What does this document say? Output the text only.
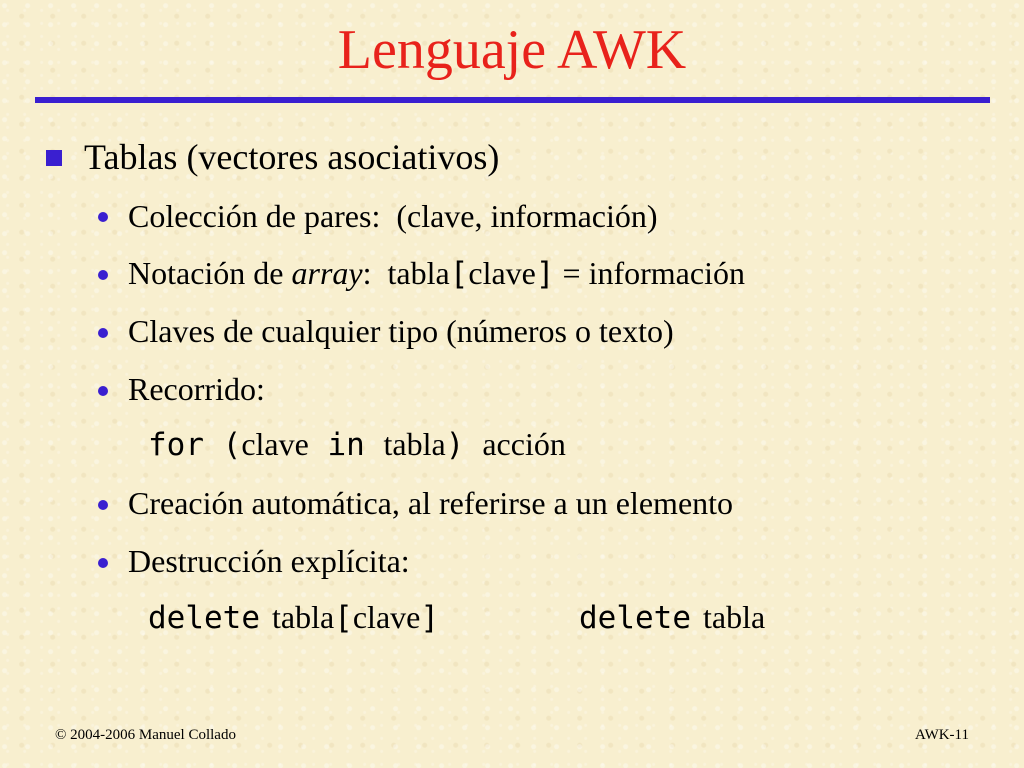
Lenguaje AWK
Tablas (vectores asociativos)
Colección de pares:  (clave, información)
Notación de array:  tabla[clave] = información
Claves de cualquier tipo (números o texto)
Recorrido:
for (clave in tabla) acción
Creación automática, al referirse a un elemento
Destrucción explícita:
delete tabla[clave]	delete tabla
© 2004-2006 Manuel Collado	AWK-11
